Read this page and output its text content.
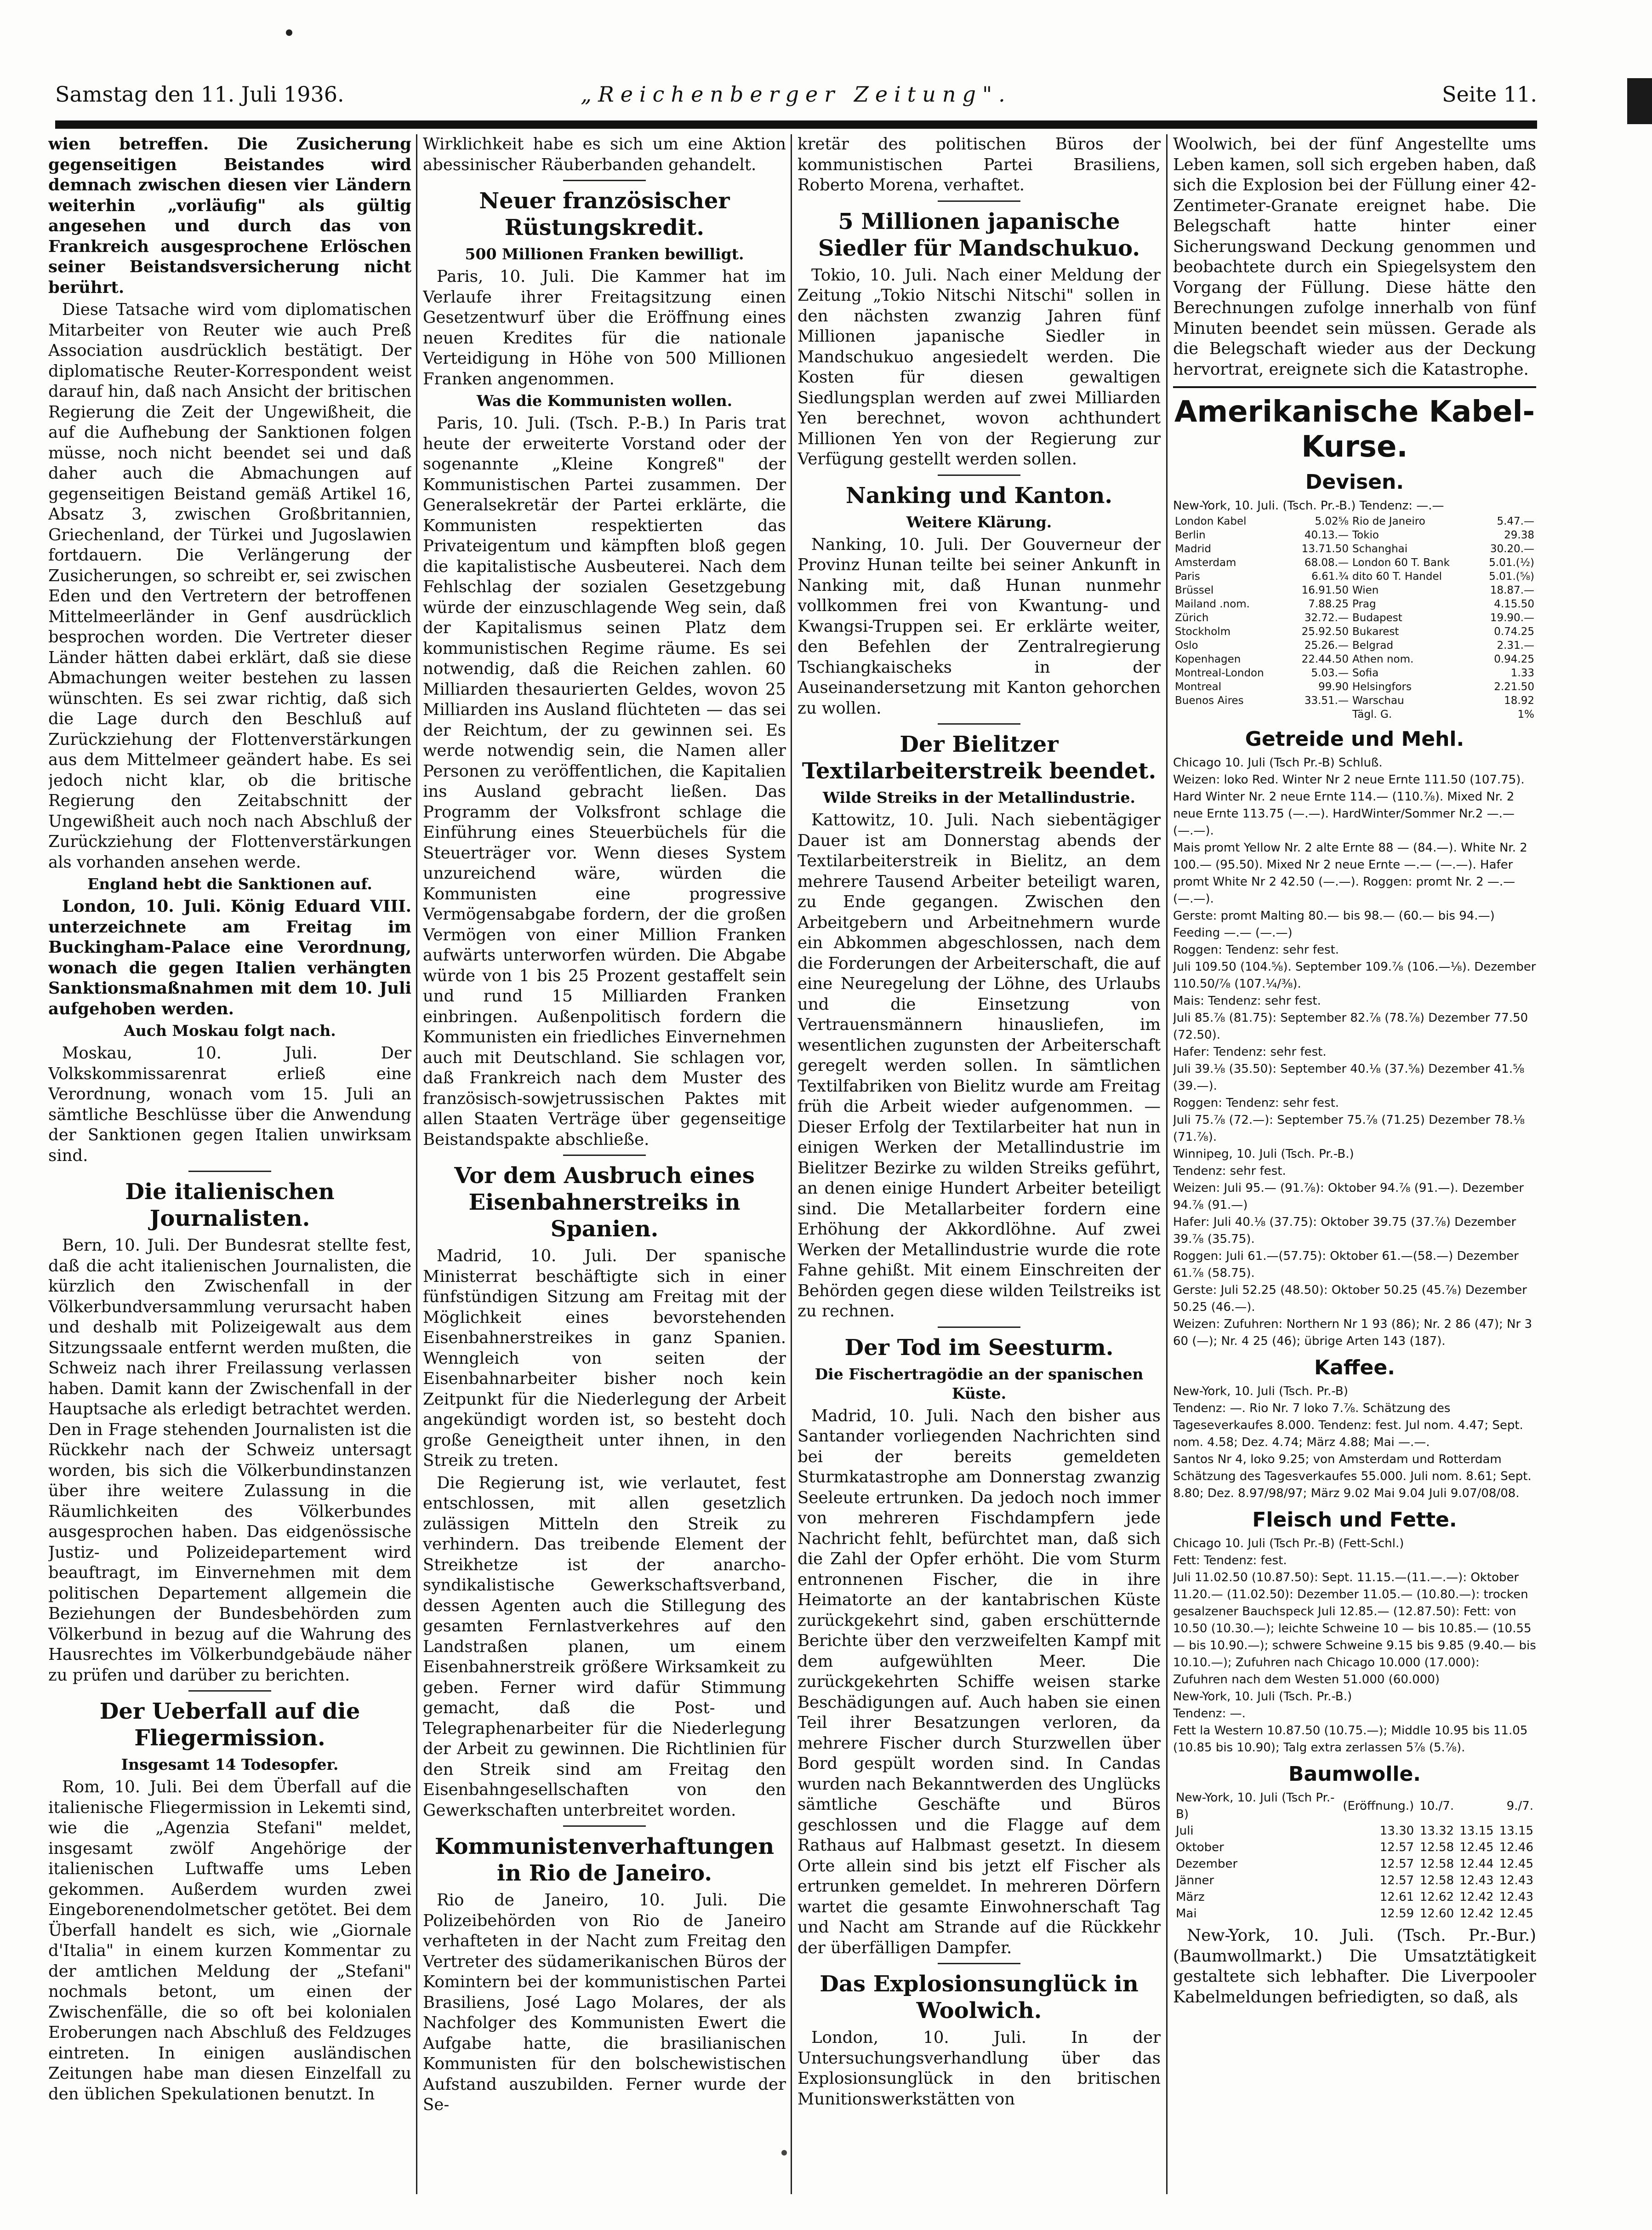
Samstag den 11. Juli 1936.	„Reichenberger Zeitung".	Seite 11.

wien betreffen. Die Zusicherung gegenseitigen Beistandes wird demnach zwischen diesen vier Ländern weiterhin „vorläufig" als gültig angesehen und durch das von Frankreich ausgesprochene Erlöschen seiner Beistandsversicherung nicht berührt.

Diese Tatsache wird vom diplomatischen Mitarbeiter von Reuter wie auch Preß Association ausdrücklich bestätigt. Der diplomatische Reuter-Korrespondent weist darauf hin, daß nach Ansicht der britischen Regierung die Zeit der Ungewißheit, die auf die Aufhebung der Sanktionen folgen müsse, noch nicht beendet sei und daß daher auch die Abmachungen auf gegenseitigen Beistand gemäß Artikel 16, Absatz 3, zwischen Großbritannien, Griechenland, der Türkei und Jugoslawien fortdauern. Die Verlängerung der Zusicherungen, so schreibt er, sei zwischen Eden und den Vertretern der betroffenen Mittelmeerländer in Genf ausdrücklich besprochen worden. Die Vertreter dieser Länder hätten dabei erklärt, daß sie diese Abmachungen weiter bestehen zu lassen wünschten. Es sei zwar richtig, daß sich die Lage durch den Beschluß auf Zurückziehung der Flottenverstärkungen aus dem Mittelmeer geändert habe. Es sei jedoch nicht klar, ob die britische Regierung den Zeitabschnitt der Ungewißheit auch noch nach Abschluß der Zurückziehung der Flottenverstärkungen als vorhanden ansehen werde.

England hebt die Sanktionen auf.

London, 10. Juli. König Eduard VIII. unterzeichnete am Freitag im Buckingham-Palace eine Verordnung, wonach die gegen Italien verhängten Sanktionsmaßnahmen mit dem 10. Juli aufgehoben werden.

Auch Moskau folgt nach.

Moskau, 10. Juli. Der Volkskommissarenrat erließ eine Verordnung, wonach vom 15. Juli an sämtliche Beschlüsse über die Anwendung der Sanktionen gegen Italien unwirksam sind.

Die italienischen Journalisten.

Bern, 10. Juli. Der Bundesrat stellte fest, daß die acht italienischen Journalisten, die kürzlich den Zwischenfall in der Völkerbundversammlung verursacht haben und deshalb mit Polizeigewalt aus dem Sitzungssaale entfernt werden mußten, die Schweiz nach ihrer Freilassung verlassen haben. Damit kann der Zwischenfall in der Hauptsache als erledigt betrachtet werden. Den in Frage stehenden Journalisten ist die Rückkehr nach der Schweiz untersagt worden, bis sich die Völkerbundinstanzen über ihre weitere Zulassung in die Räumlichkeiten des Völkerbundes ausgesprochen haben. Das eidgenössische Justiz- und Polizeidepartement wird beauftragt, im Einvernehmen mit dem politischen Departement allgemein die Beziehungen der Bundesbehörden zum Völkerbund in bezug auf die Wahrung des Hausrechtes im Völkerbundgebäude näher zu prüfen und darüber zu berichten.

Der Ueberfall auf die Fliegermission.
Insgesamt 14 Todesopfer.

Rom, 10. Juli. Bei dem Überfall auf die italienische Fliegermission in Lekemti sind, wie die „Agenzia Stefani" meldet, insgesamt zwölf Angehörige der italienischen Luftwaffe ums Leben gekommen. Außerdem wurden zwei Eingeborenendolmetscher getötet. Bei dem Überfall handelt es sich, wie „Giornale d'Italia" in einem kurzen Kommentar zu der amtlichen Meldung der „Stefani" nochmals betont, um einen der Zwischenfälle, die so oft bei kolonialen Eroberungen nach Abschluß des Feldzuges eintreten. In einigen ausländischen Zeitungen habe man diesen Einzelfall zu den üblichen Spekulationen benutzt. In

Wirklichkeit habe es sich um eine Aktion abessinischer Räuberbanden gehandelt.

Neuer französischer Rüstungskredit.
500 Millionen Franken bewilligt.

Paris, 10. Juli. Die Kammer hat im Verlaufe ihrer Freitagsitzung einen Gesetzentwurf über die Eröffnung eines neuen Kredites für die nationale Verteidigung in Höhe von 500 Millionen Franken angenommen.

Was die Kommunisten wollen.

Paris, 10. Juli. (Tsch. P.-B.) In Paris trat heute der erweiterte Vorstand oder der sogenannte „Kleine Kongreß" der Kommunistischen Partei zusammen. Der Generalsekretär der Partei erklärte, die Kommunisten respektierten das Privateigentum und kämpften bloß gegen die kapitalistische Ausbeuterei. Nach dem Fehlschlag der sozialen Gesetzgebung würde der einzuschlagende Weg sein, daß der Kapitalismus seinen Platz dem kommunistischen Regime räume. Es sei notwendig, daß die Reichen zahlen. 60 Milliarden thesaurierten Geldes, wovon 25 Milliarden ins Ausland flüchteten — das sei der Reichtum, der zu gewinnen sei. Es werde notwendig sein, die Namen aller Personen zu veröffentlichen, die Kapitalien ins Ausland gebracht ließen. Das Programm der Volksfront schlage die Einführung eines Steuerbüchels für die Steuerträger vor. Wenn dieses System unzureichend wäre, würden die Kommunisten eine progressive Vermögensabgabe fordern, der die großen Vermögen von einer Million Franken aufwärts unterworfen würden. Die Abgabe würde von 1 bis 25 Prozent gestaffelt sein und rund 15 Milliarden Franken einbringen. Außenpolitisch fordern die Kommunisten ein friedliches Einvernehmen auch mit Deutschland. Sie schlagen vor, daß Frankreich nach dem Muster des französisch-sowjetrussischen Paktes mit allen Staaten Verträge über gegenseitige Beistandspakte abschließe.

Vor dem Ausbruch eines Eisenbahnerstreiks in Spanien.

Madrid, 10. Juli. Der spanische Ministerrat beschäftigte sich in einer fünfstündigen Sitzung am Freitag mit der Möglichkeit eines bevorstehenden Eisenbahnerstreikes in ganz Spanien. Wenngleich von seiten der Eisenbahnarbeiter bisher noch kein Zeitpunkt für die Niederlegung der Arbeit angekündigt worden ist, so besteht doch große Geneigtheit unter ihnen, in den Streik zu treten.

Die Regierung ist, wie verlautet, fest entschlossen, mit allen gesetzlich zulässigen Mitteln den Streik zu verhindern. Das treibende Element der Streikhetze ist der anarcho-syndikalistische Gewerkschaftsverband, dessen Agenten auch die Stillegung des gesamten Fernlastverkehres auf den Landstraßen planen, um einem Eisenbahnerstreik größere Wirksamkeit zu geben. Ferner wird dafür Stimmung gemacht, daß die Post- und Telegraphenarbeiter für die Niederlegung der Arbeit zu gewinnen. Die Richtlinien für den Streik sind am Freitag den Eisenbahngesellschaften von den Gewerkschaften unterbreitet worden.

Kommunistenverhaftungen in Rio de Janeiro.

Rio de Janeiro, 10. Juli. Die Polizeibehörden von Rio de Janeiro verhafteten in der Nacht zum Freitag den Vertreter des südamerikanischen Büros der Komintern bei der kommunistischen Partei Brasiliens, José Lago Molares, der als Nachfolger des Kommunisten Ewert die Aufgabe hatte, die brasilianischen Kommunisten für den bolschewistischen Aufstand auszubilden. Ferner wurde der Se-

kretär des politischen Büros der kommunistischen Partei Brasiliens, Roberto Morena, verhaftet.

5 Millionen japanische Siedler für Mandschukuo.

Tokio, 10. Juli. Nach einer Meldung der Zeitung „Tokio Nitschi Nitschi" sollen in den nächsten zwanzig Jahren fünf Millionen japanische Siedler in Mandschukuo angesiedelt werden. Die Kosten für diesen gewaltigen Siedlungsplan werden auf zwei Milliarden Yen berechnet, wovon achthundert Millionen Yen von der Regierung zur Verfügung gestellt werden sollen.

Nanking und Kanton.
Weitere Klärung.

Nanking, 10. Juli. Der Gouverneur der Provinz Hunan teilte bei seiner Ankunft in Nanking mit, daß Hunan nunmehr vollkommen frei von Kwantung- und Kwangsi-Truppen sei. Er erklärte weiter, den Befehlen der Zentralregierung Tschiangkaischeks in der Auseinandersetzung mit Kanton gehorchen zu wollen.

Der Bielitzer Textilarbeiterstreik beendet.
Wilde Streiks in der Metallindustrie.

Kattowitz, 10. Juli. Nach siebentägiger Dauer ist am Donnerstag abends der Textilarbeiterstreik in Bielitz, an dem mehrere Tausend Arbeiter beteiligt waren, zu Ende gegangen. Zwischen den Arbeitgebern und Arbeitnehmern wurde ein Abkommen abgeschlossen, nach dem die Forderungen der Arbeiterschaft, die auf eine Neuregelung der Löhne, des Urlaubs und die Einsetzung von Vertrauensmännern hinausliefen, im wesentlichen zugunsten der Arbeiterschaft geregelt werden sollen. In sämtlichen Textilfabriken von Bielitz wurde am Freitag früh die Arbeit wieder aufgenommen. — Dieser Erfolg der Textilarbeiter hat nun in einigen Werken der Metallindustrie im Bielitzer Bezirke zu wilden Streiks geführt, an denen einige Hundert Arbeiter beteiligt sind. Die Metallarbeiter fordern eine Erhöhung der Akkordlöhne. Auf zwei Werken der Metallindustrie wurde die rote Fahne gehißt. Mit einem Einschreiten der Behörden gegen diese wilden Teilstreiks ist zu rechnen.

Der Tod im Seesturm.
Die Fischertragödie an der spanischen Küste.

Madrid, 10. Juli. Nach den bisher aus Santander vorliegenden Nachrichten sind bei der bereits gemeldeten Sturmkatastrophe am Donnerstag zwanzig Seeleute ertrunken. Da jedoch noch immer von mehreren Fischdampfern jede Nachricht fehlt, befürchtet man, daß sich die Zahl der Opfer erhöht. Die vom Sturm entronnenen Fischer, die in ihre Heimatorte an der kantabrischen Küste zurückgekehrt sind, gaben erschütternde Berichte über den verzweifelten Kampf mit dem aufgewühlten Meer. Die zurückgekehrten Schiffe weisen starke Beschädigungen auf. Auch haben sie einen Teil ihrer Besatzungen verloren, da mehrere Fischer durch Sturzwellen über Bord gespült worden sind. In Candas wurden nach Bekanntwerden des Unglücks sämtliche Geschäfte und Büros geschlossen und die Flagge auf dem Rathaus auf Halbmast gesetzt. In diesem Orte allein sind bis jetzt elf Fischer als ertrunken gemeldet. In mehreren Dörfern wartet die gesamte Einwohnerschaft Tag und Nacht am Strande auf die Rückkehr der überfälligen Dampfer.

Das Explosionsunglück in Woolwich.

London, 10. Juli. In der Untersuchungsverhandlung über das Explosionsunglück in den britischen Munitionswerkstätten von

Woolwich, bei der fünf Angestellte ums Leben kamen, soll sich ergeben haben, daß sich die Explosion bei der Füllung einer 42-Zentimeter-Granate ereignet habe. Die Belegschaft hatte hinter einer Sicherungswand Deckung genommen und beobachtete durch ein Spiegelsystem den Vorgang der Füllung. Diese hätte den Berechnungen zufolge innerhalb von fünf Minuten beendet sein müssen. Gerade als die Belegschaft wieder aus der Deckung hervortrat, ereignete sich die Katastrophe.

Amerikanische Kabel-Kurse.
Devisen.
New-York, 10. Juli. (Tsch. Pr.-B.) Tendenz: —.—
London Kabel	5.02⅝	Rio de Janeiro	5.47.—
Berlin	40.13.—	Tokio	29.38
Madrid	13.71.50	Schanghai	30.20.—
Amsterdam	68.08.—	London 60 T. Bank	5.01.(½)
Paris	6.61.¾	dito 60 T. Handel	5.01.(⅝)
Brüssel	16.91.50	Wien	18.87.—
Mailand .nom.	7.88.25	Prag	4.15.50
Zürich	32.72.—	Budapest	19.90.—
Stockholm	25.92.50	Bukarest	0.74.25
Oslo	25.26.—	Belgrad	2.31.—
Kopenhagen	22.44.50	Athen nom.	0.94.25
Montreal-London	5.03.—	Sofia	1.33
Montreal	99.90	Helsingfors	2.21.50
Buenos Aires	33.51.—	Warschau	18.92
		Tägl. G.	1%
Getreide und Mehl.

Chicago 10. Juli (Tsch Pr.-B) Schluß.

Weizen: loko Red. Winter Nr 2 neue Ernte 111.50 (107.75). Hard Winter Nr. 2 neue Ernte 114.— (110.⅞). Mixed Nr. 2 neue Ernte 113.75 (—.—). HardWinter/Sommer Nr.2 —.— (—.—).

Mais promt Yellow Nr. 2 alte Ernte 88 — (84.—). White Nr. 2 100.— (95.50). Mixed Nr 2 neue Ernte —.— (—.—). Hafer promt White Nr 2 42.50 (—.—). Roggen: promt Nr. 2 —.— (—.—).

Gerste: promt Malting 80.— bis 98.— (60.— bis 94.—) Feeding —.— (—.—)

Roggen: Tendenz: sehr fest.

Juli 109.50 (104.⅝). September 109.⅞ (106.—⅛). Dezember 110.50/⅞ (107.¼/⅜).

Mais: Tendenz: sehr fest.

Juli 85.⅞ (81.75): September 82.⅞ (78.⅞) Dezember 77.50 (72.50).

Hafer: Tendenz: sehr fest.

Juli 39.⅛ (35.50): September 40.⅛ (37.⅝) Dezember 41.⅝ (39.—).

Roggen: Tendenz: sehr fest.

Juli 75.⅞ (72.—): September 75.⅞ (71.25) Dezember 78.⅛ (71.⅞).

Winnipeg, 10. Juli (Tsch. Pr.-B.)

Tendenz: sehr fest.

Weizen: Juli 95.— (91.⅞): Oktober 94.⅞ (91.—). Dezember 94.⅞ (91.—)

Hafer: Juli 40.⅛ (37.75): Oktober 39.75 (37.⅞) Dezember 39.⅞ (35.75).

Roggen: Juli 61.—(57.75): Oktober 61.—(58.—) Dezember 61.⅞ (58.75).

Gerste: Juli 52.25 (48.50): Oktober 50.25 (45.⅞) Dezember 50.25 (46.—).

Weizen: Zufuhren: Northern Nr 1 93 (86); Nr. 2 86 (47); Nr 3 60 (—); Nr. 4 25 (46); übrige Arten 143 (187).

Kaffee.

New-York, 10. Juli (Tsch. Pr.-B)

Tendenz: —. Rio Nr. 7 loko 7.⅞. Schätzung des Tageseverkaufes 8.000. Tendenz: fest. Jul nom. 4.47; Sept. nom. 4.58; Dez. 4.74; März 4.88; Mai —.—.

Santos Nr 4, loko 9.25; von Amsterdam und Rotterdam Schätzung des Tagesverkaufes 55.000. Juli nom. 8.61; Sept. 8.80; Dez. 8.97/98/97; März 9.02 Mai 9.04 Juli 9.07/08/08.

Fleisch und Fette.

Chicago 10. Juli (Tsch Pr.-B) (Fett-Schl.)

Fett: Tendenz: fest.

Juli 11.02.50 (10.87.50): Sept. 11.15.—(11.—.—): Oktober 11.20.— (11.02.50): Dezember 11.05.— (10.80.—): trocken gesalzener Bauchspeck Juli 12.85.— (12.87.50): Fett: von 10.50 (10.30.—); leichte Schweine 10 — bis 10.85.— (10.55 — bis 10.90.—); schwere Schweine 9.15 bis 9.85 (9.40.— bis 10.10.—); Zufuhren nach Chicago 10.000 (17.000): Zufuhren nach dem Westen 51.000 (60.000)

New-York, 10. Juli (Tsch. Pr.-B.)

Tendenz: —.

Fett la Western 10.87.50 (10.75.—); Middle 10.95 bis 11.05 (10.85 bis 10.90); Talg extra zerlassen 5⅞ (5.⅞).

Baumwolle.
New-York, 10. Juli (Tsch Pr.-B)	(Eröffnung.)	10./7.		9./7.
Juli	13.30	13.32	13.15	13.15
Oktober	12.57	12.58	12.45	12.46
Dezember	12.57	12.58	12.44	12.45
Jänner	12.57	12.58	12.43	12.43
März	12.61	12.62	12.42	12.43
Mai	12.59	12.60	12.42	12.45

New-York, 10. Juli. (Tsch. Pr.-Bur.) (Baumwollmarkt.) Die Umsatztätigkeit gestaltete sich lebhafter. Die Liverpooler Kabelmeldungen befriedigten, so daß, als
